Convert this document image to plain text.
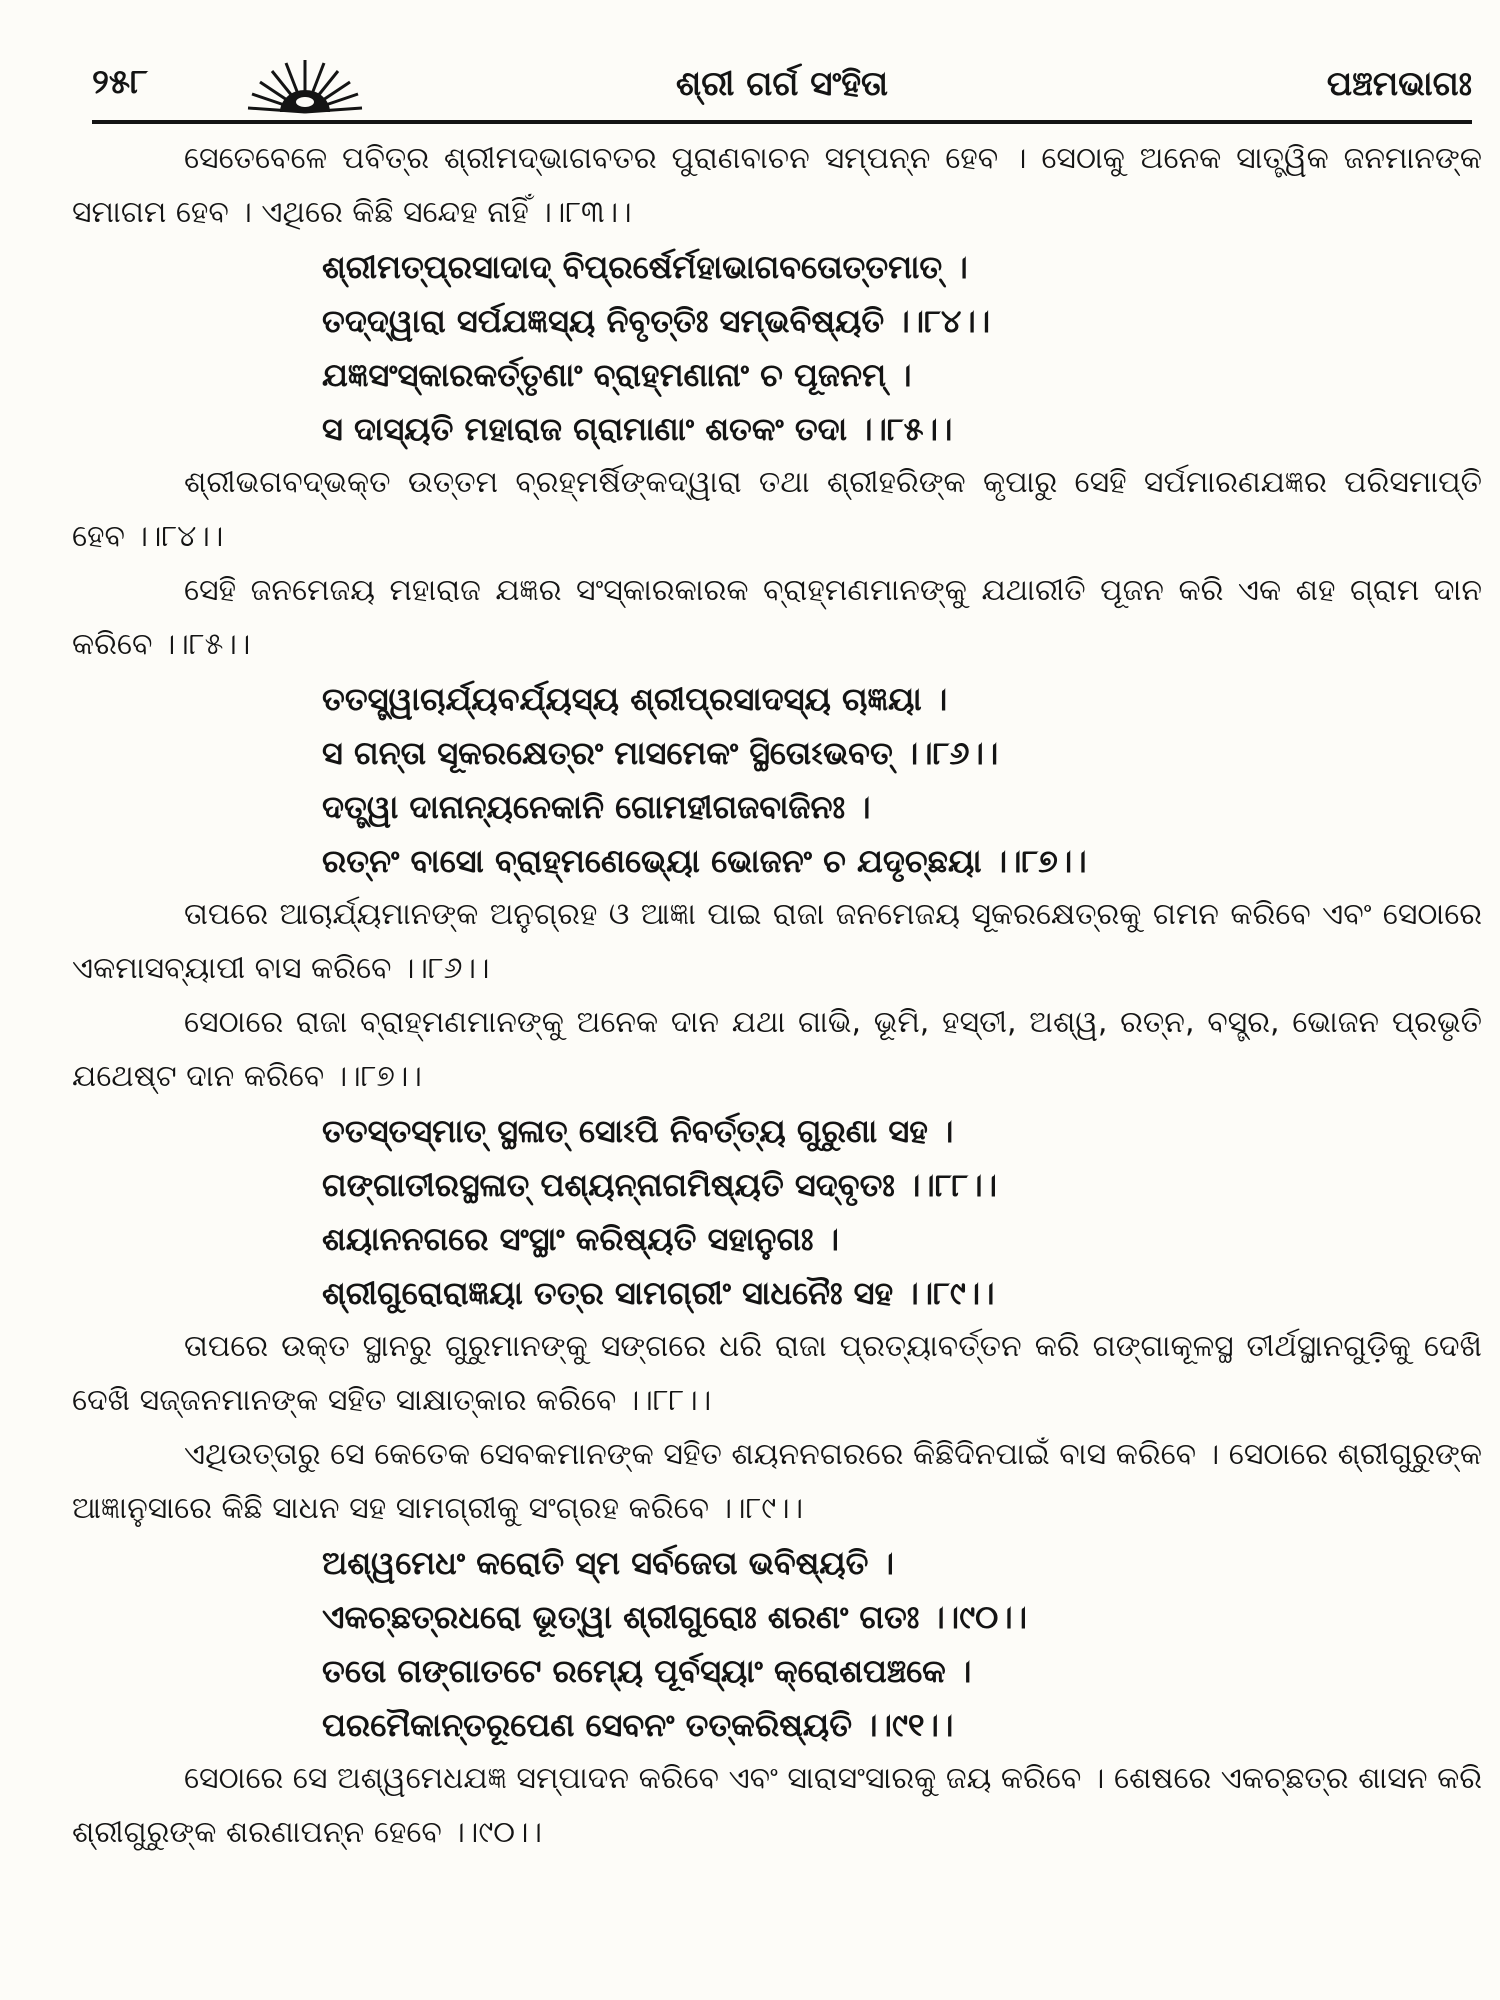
୨୫୮	ଶ୍ରୀ ଗର୍ଗ ସଂହିତା	ପଞ୍ଚମଭାଗଃ

ସେତେବେଳେ ପବିତ୍ର ଶ୍ରୀମଦ୍ଭାଗବତର ପୁରାଣବାଚନ ସମ୍ପନ୍ନ ହେବ । ସେଠାକୁ ଅନେକ ସାତ୍ତ୍ୱିକ ଜନମାନଙ୍କ ସମାଗମ ହେବ । ଏଥିରେ କିଛି ସନ୍ଦେହ ନାହିଁ ।।୮୩।।

ଶ୍ରୀମତ୍‌ପ୍ରସାଦାଦ୍ ବିପ୍ରର୍ଷେର୍ମହାଭାଗବତୋତ୍ତମାତ୍ ।
ତଦ୍‌ଦ୍ୱାରା ସର୍ପଯଜ୍ଞସ୍ୟ ନିବୃତ୍ତିଃ ସମ୍ଭବିଷ୍ୟତି ।।୮୪।।
ଯଜ୍ଞସଂସ୍କାରକର୍ତ୍ତୃଣାଂ ବ୍ରାହ୍ମଣାନାଂ ଚ ପୂଜନମ୍ ।
ସ ଦାସ୍ୟତି ମହାରାଜ ଗ୍ରାମାଣାଂ ଶତକଂ ତଦା ।।୮୫।।

ଶ୍ରୀଭଗବଦ୍‌ଭକ୍ତ ଉତ୍ତମ ବ୍ରହ୍ମର୍ଷିଙ୍କଦ୍ୱାରା ତଥା ଶ୍ରୀହରିଙ୍କ କୃପାରୁ ସେହି ସର୍ପମାରଣଯଜ୍ଞର ପରିସମାପ୍ତି ହେବ ।।୮୪।।

ସେହି ଜନମେଜୟ ମହାରାଜ ଯଜ୍ଞର ସଂସ୍କାରକାରକ ବ୍ରାହ୍ମଣମାନଙ୍କୁ ଯଥାରୀତି ପୂଜନ କରି ଏକ ଶହ ଗ୍ରାମ ଦାନ କରିବେ ।।୮୫।।

ତତସ୍ତ୍ୱାଚାର୍ଯ୍ୟବର୍ଯ୍ୟସ୍ୟ ଶ୍ରୀପ୍ରସାଦସ୍ୟ ଚାଜ୍ଞୟା ।
ସ ଗନ୍ତା ସୂକରକ୍ଷେତ୍ରଂ ମାସମେକଂ ସ୍ଥିତୋଽଭବତ୍ ।।୮୬।।
ଦତ୍ତ୍ୱା ଦାନାନ୍ୟନେକାନି ଗୋମହୀଗଜବାଜିନଃ ।
ରତ୍ନଂ ବାସୋ ବ୍ରାହ୍ମଣେଭ୍ୟୋ ଭୋଜନଂ ଚ ଯଦୃଚ୍ଛୟା ।।୮୭।।

ତାପରେ ଆଚାର୍ଯ୍ୟମାନଙ୍କ ଅନୁଗ୍ରହ ଓ ଆଜ୍ଞା ପାଇ ରାଜା ଜନମେଜୟ ସୂକରକ୍ଷେତ୍ରକୁ ଗମନ କରିବେ ଏବଂ ସେଠାରେ ଏକମାସବ୍ୟାପୀ ବାସ କରିବେ ।।୮୬।।

ସେଠାରେ ରାଜା ବ୍ରାହ୍ମଣମାନଙ୍କୁ ଅନେକ ଦାନ ଯଥା ଗାଭି, ଭୂମି, ହସ୍ତୀ, ଅଶ୍ୱ, ରତ୍ନ, ବସ୍ତ୍ର, ଭୋଜନ ପ୍ରଭୃତି ଯଥେଷ୍ଟ ଦାନ କରିବେ ।।୮୭।।

ତତସ୍ତସ୍ମାତ୍ ସ୍ଥଳାତ୍ ସୋଽପି ନିବର୍ତ୍ତ୍ୟ ଗୁରୁଣା ସହ ।
ଗଙ୍ଗାତୀରସ୍ଥଳାତ୍ ପଶ୍ୟନ୍ନାଗମିଷ୍ୟତି ସଦ୍‌ବୃତଃ ।।୮୮।।
ଶୟାନନଗରେ ସଂସ୍ଥାଂ କରିଷ୍ୟତି ସହାନୁଗଃ ।
ଶ୍ରୀଗୁରୋରାଜ୍ଞୟା ତତ୍ର ସାମଗ୍ରୀଂ ସାଧନୈଃ ସହ ।।୮୯।।

ତାପରେ ଉକ୍ତ ସ୍ଥାନରୁ ଗୁରୁମାନଙ୍କୁ ସଙ୍ଗରେ ଧରି ରାଜା ପ୍ରତ୍ୟାବର୍ତ୍ତନ କରି ଗଙ୍ଗାକୂଳସ୍ଥ ତୀର୍ଥସ୍ଥାନଗୁଡ଼ିକୁ ଦେଖି ଦେଖି ସଜ୍ଜନମାନଙ୍କ ସହିତ ସାକ୍ଷାତ୍କାର କରିବେ ।।୮୮।।

ଏଥିଉତ୍ତାରୁ ସେ କେତେକ ସେବକମାନଙ୍କ ସହିତ ଶୟନନଗରରେ କିଛିଦିନପାଇଁ ବାସ କରିବେ । ସେଠାରେ ଶ୍ରୀଗୁରୁଙ୍କ ଆଜ୍ଞାନୁସାରେ କିଛି ସାଧନ ସହ ସାମଗ୍ରୀକୁ ସଂଗ୍ରହ କରିବେ ।।୮୯।।

ଅଶ୍ୱମେଧଂ କରୋତି ସ୍ମ ସର୍ବଜେତା ଭବିଷ୍ୟତି ।
ଏକଚ୍ଛତ୍ରଧରୋ ଭୂତ୍ୱା ଶ୍ରୀଗୁରୋଃ ଶରଣଂ ଗତଃ ।।୯୦।।
ତତୋ ଗଙ୍ଗାତଟେ ରମ୍ୟେ ପୂର୍ବସ୍ୟାଂ କ୍ରୋଶପଞ୍ଚକେ ।
ପରମୈକାନ୍ତରୂପେଣ ସେବନଂ ତତ୍‌କରିଷ୍ୟତି ।।୯୧।।

ସେଠାରେ ସେ ଅଶ୍ୱମେଧଯଜ୍ଞ ସମ୍ପାଦନ କରିବେ ଏବଂ ସାରାସଂସାରକୁ ଜୟ କରିବେ । ଶେଷରେ ଏକଚ୍ଛତ୍ର ଶାସନ କରି ଶ୍ରୀଗୁରୁଙ୍କ ଶରଣାପନ୍ନ ହେବେ ।।୯୦।।
